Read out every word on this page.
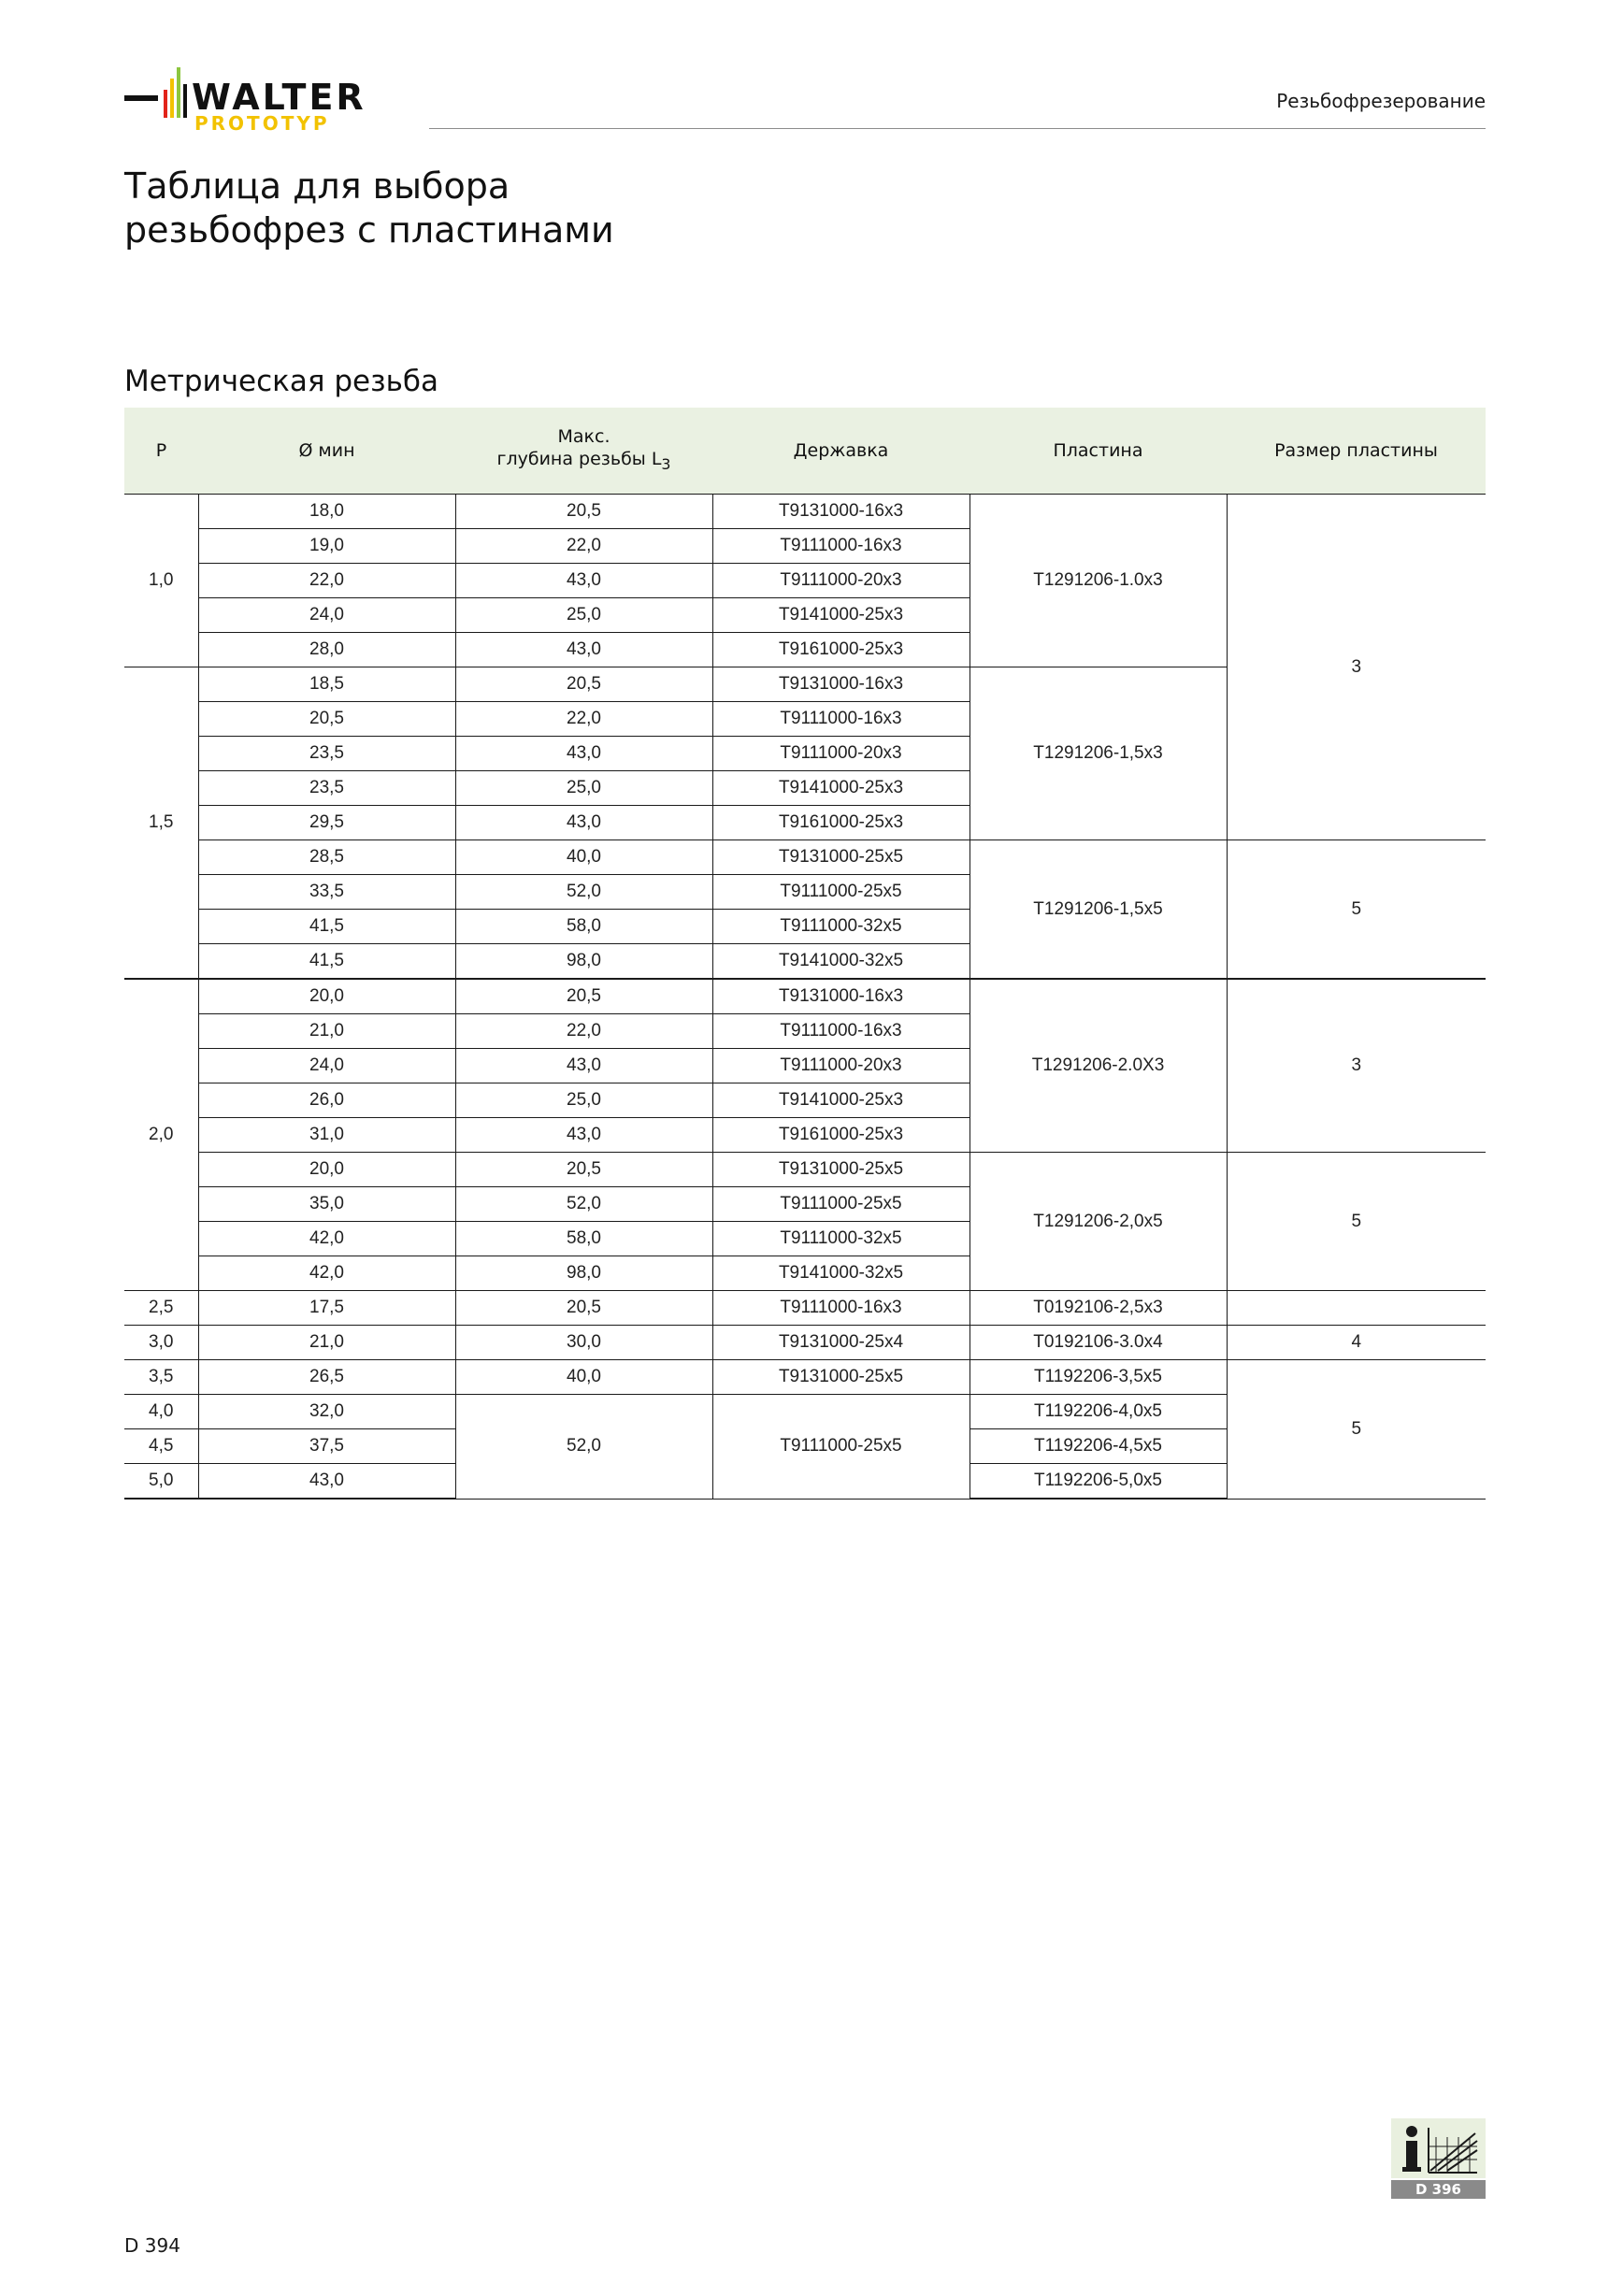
WALTER
PROTOTYP
Резьбофрезерование
Таблица для выбора
резьбофрез с пластинами
Метрическая резьба
P	Ø мин	Макс.
глубина резьбы $L_3$	Державка	Пластина	Размер пластины
1,0	18,0	20,5	T9131000-16x3	T1291206-1.0x3	3
	19,0	22,0	T9111000-16x3		
	22,0	43,0	T9111000-20x3		
	24,0	25,0	T9141000-25x3		
	28,0	43,0	T9161000-25x3		
1,5	18,5	20,5	T9131000-16x3	T1291206-1,5x3	
	20,5	22,0	T9111000-16x3		
	23,5	43,0	T9111000-20x3		
	23,5	25,0	T9141000-25x3		
	29,5	43,0	T9161000-25x3		
	28,5	40,0	T9131000-25x5	T1291206-1,5x5	5
	33,5	52,0	T9111000-25x5		
	41,5	58,0	T9111000-32x5		
	41,5	98,0	T9141000-32x5		
2,0	20,0	20,5	T9131000-16x3	T1291206-2.0X3	3
	21,0	22,0	T9111000-16x3		
	24,0	43,0	T9111000-20x3		
	26,0	25,0	T9141000-25x3		
	31,0	43,0	T9161000-25x3		
	20,0	20,5	T9131000-25x5	T1291206-2,0x5	5
	35,0	52,0	T9111000-25x5		
	42,0	58,0	T9111000-32x5		
	42,0	98,0	T9141000-32x5		
2,5	17,5	20,5	T9111000-16x3	T0192106-2,5x3	
3,0	21,0	30,0	T9131000-25x4	T0192106-3.0x4	4
3,5	26,5	40,0	T9131000-25x5	T1192206-3,5x5	5
4,0	32,0	52,0	T9111000-25x5	T1192206-4,0x5	
4,5	37,5			T1192206-4,5x5	
5,0	43,0			T1192206-5,0x5	
D 396
D 394
